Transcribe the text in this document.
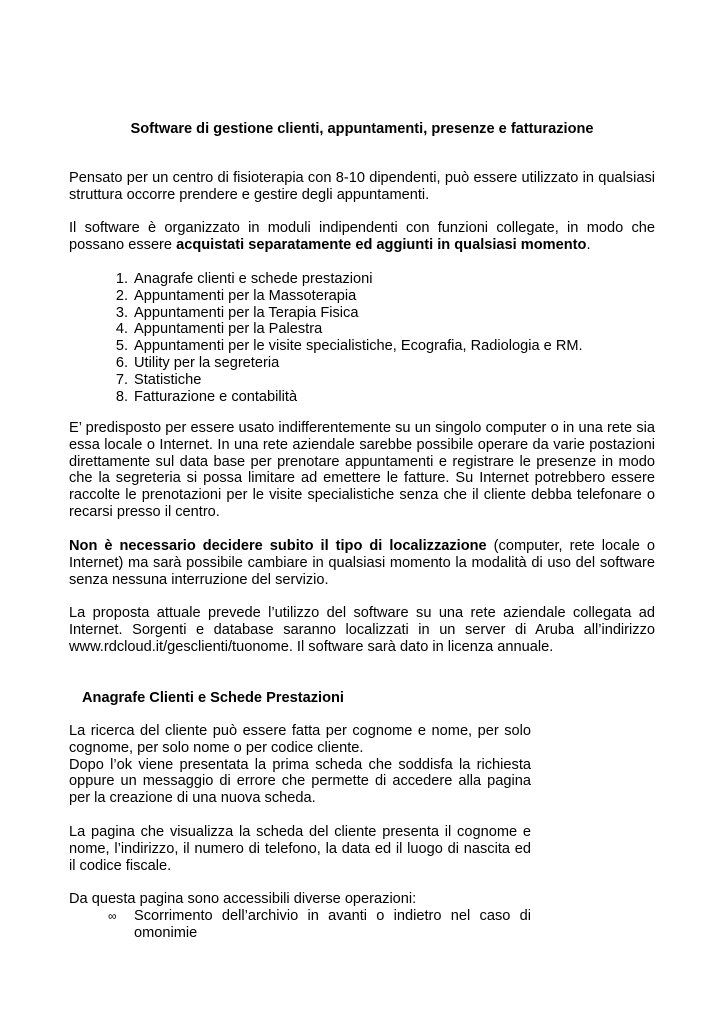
Software di gestione clienti, appuntamenti, presenze e fatturazione

Pensato per un centro di fisioterapia con 8-10 dipendenti, può essere utilizzato in qualsiasi struttura occorre prendere e gestire degli appuntamenti.

Il software è organizzato in moduli indipendenti con funzioni collegate, in modo che possano essere acquistati separatamente ed aggiunti in qualsiasi momento.

1. Anagrafe clienti e schede prestazioni
2. Appuntamenti per la Massoterapia
3. Appuntamenti per la Terapia Fisica
4. Appuntamenti per la Palestra
5. Appuntamenti per le visite specialistiche, Ecografia, Radiologia e RM.
6. Utility per la segreteria
7. Statistiche
8. Fatturazione e contabilità

E’ predisposto per essere usato indifferentemente su un singolo computer o in una rete sia essa locale o Internet. In una rete aziendale sarebbe possibile operare da varie postazioni direttamente sul data base per prenotare appuntamenti e registrare le presenze in modo che la segreteria si possa limitare ad emettere le fatture. Su Internet potrebbero essere raccolte le prenotazioni per le visite specialistiche senza che il cliente debba telefonare o recarsi presso il centro.

Non è necessario decidere subito il tipo di localizzazione (computer, rete locale o Internet) ma sarà possibile cambiare in qualsiasi momento la modalità di uso del software senza nessuna interruzione del servizio.

La proposta attuale prevede l’utilizzo del software su una rete aziendale collegata ad Internet. Sorgenti e database saranno localizzati in un server di Aruba all’indirizzo www.rdcloud.it/gesclienti/tuonome. Il software sarà dato in licenza annuale.

Anagrafe Clienti e Schede Prestazioni

La ricerca del cliente può essere fatta per cognome e nome, per solo cognome, per solo nome o per codice cliente.
Dopo l’ok viene presentata la prima scheda che soddisfa la richiesta oppure un messaggio di errore che permette di accedere alla pagina per la creazione di una nuova scheda.

La pagina che visualizza la scheda del cliente presenta il cognome e nome, l’indirizzo, il numero di telefono, la data ed il luogo di nascita ed il codice fiscale.

Da questa pagina sono accessibili diverse operazioni:

∞	Scorrimento dell’archivio in avanti o indietro nel caso di omonimie
